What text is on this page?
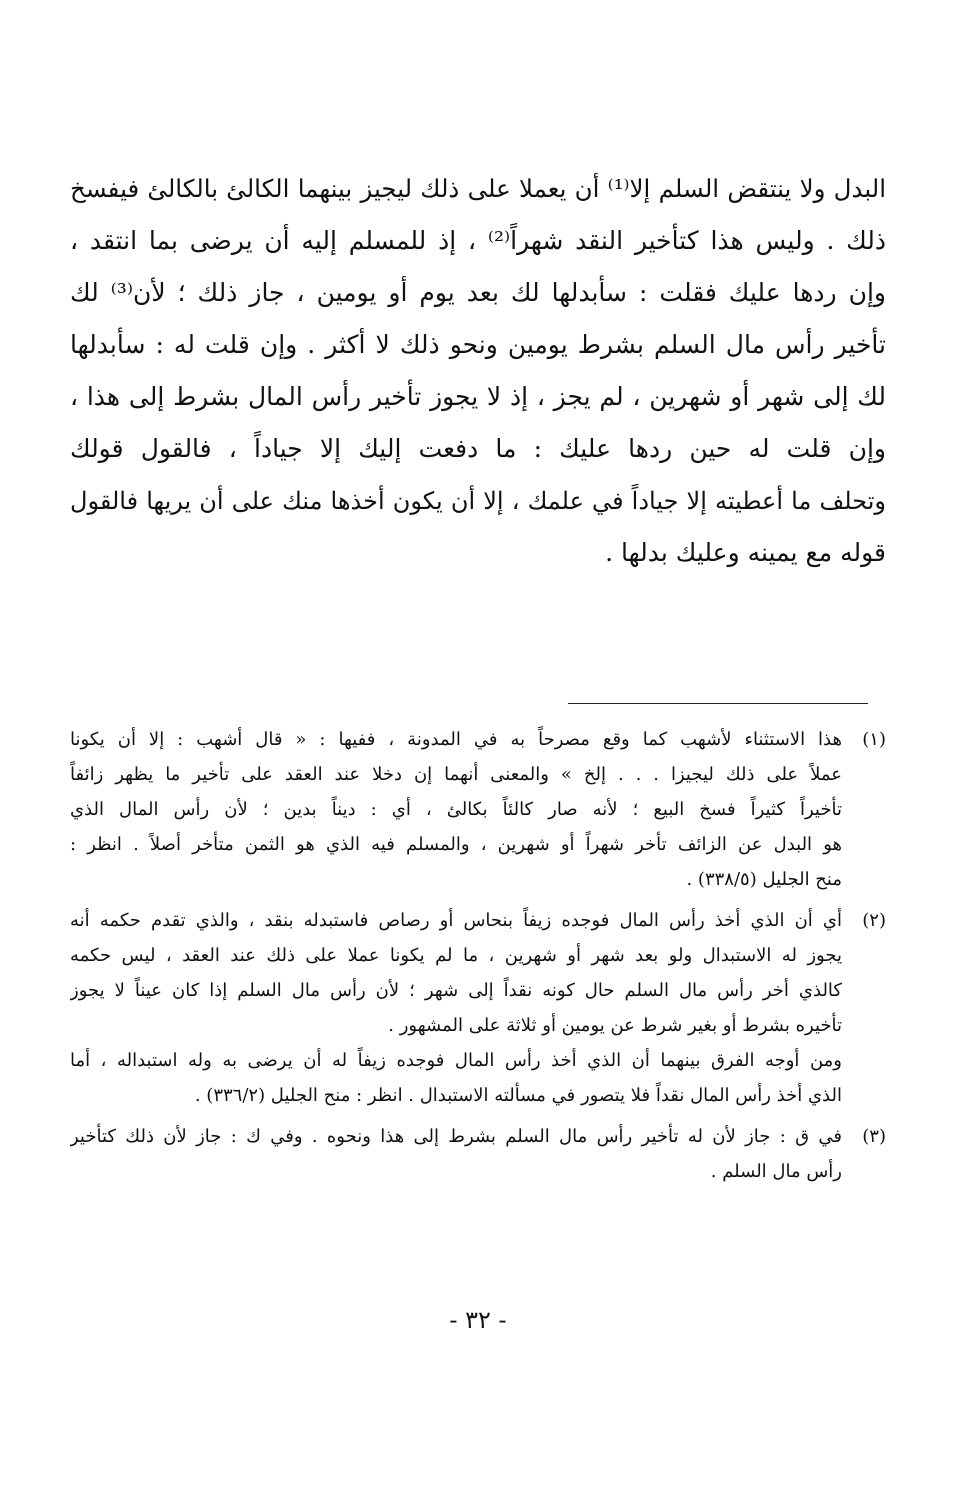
البدل ولا ينتقض السلم إلا⁽¹⁾ أن يعملا على ذلك ليجيز بينهما الكالئ بالكالئ فيفسخ
ذلك . وليس هذا كتأخير النقد شهراً⁽²⁾ ، إذ للمسلم إليه أن يرضى بما انتقد ،
وإن ردها عليك فقلت : سأبدلها لك بعد يوم أو يومين ، جاز ذلك ؛ لأن⁽³⁾ لك
تأخير رأس مال السلم بشرط يومين ونحو ذلك لا أكثر . وإن قلت له : سأبدلها
لك إلى شهر أو شهرين ، لم يجز ، إذ لا يجوز تأخير رأس المال بشرط إلى هذا ،
وإن قلت له حين ردها عليك : ما دفعت إليك إلا جياداً ، فالقول قولك
وتحلف ما أعطيته إلا جياداً في علمك ، إلا أن يكون أخذها منك على أن يريها فالقول
قوله مع يمينه وعليك بدلها .
(١)هذا الاستثناء لأشهب كما وقع مصرحاً به في المدونة ، ففيها : « قال أشهب : إلا أن يكونا
عملاً على ذلك ليجيزا . . . إلخ » والمعنى أنهما إن دخلا عند العقد على تأخير ما يظهر زائفاً
تأخيراً كثيراً فسخ البيع ؛ لأنه صار كالئاً بكالئ ، أي : ديناً بدين ؛ لأن رأس المال الذي
هو البدل عن الزائف تأخر شهراً أو شهرين ، والمسلم فيه الذي هو الثمن متأخر أصلاً . انظر :
منح الجليل (٣٣٨/٥) .
(٢)أي أن الذي أخذ رأس المال فوجده زيفاً بنحاس أو رصاص فاستبدله بنقد ، والذي تقدم حكمه أنه
يجوز له الاستبدال ولو بعد شهر أو شهرين ، ما لم يكونا عملا على ذلك عند العقد ، ليس حكمه
كالذي أخر رأس مال السلم حال كونه نقداً إلى شهر ؛ لأن رأس مال السلم إذا كان عيناً لا يجوز
تأخيره بشرط أو بغير شرط عن يومين أو ثلاثة على المشهور .
ومن أوجه الفرق بينهما أن الذي أخذ رأس المال فوجده زيفاً له أن يرضى به وله استبداله ، أما
الذي أخذ رأس المال نقداً فلا يتصور في مسألته الاستبدال . انظر : منح الجليل (٣٣٦/٢) .
(٣)في ق : جاز لأن له تأخير رأس مال السلم بشرط إلى هذا ونحوه . وفي ك : جاز لأن ذلك كتأخير
رأس مال السلم .
- ٣٢ -
